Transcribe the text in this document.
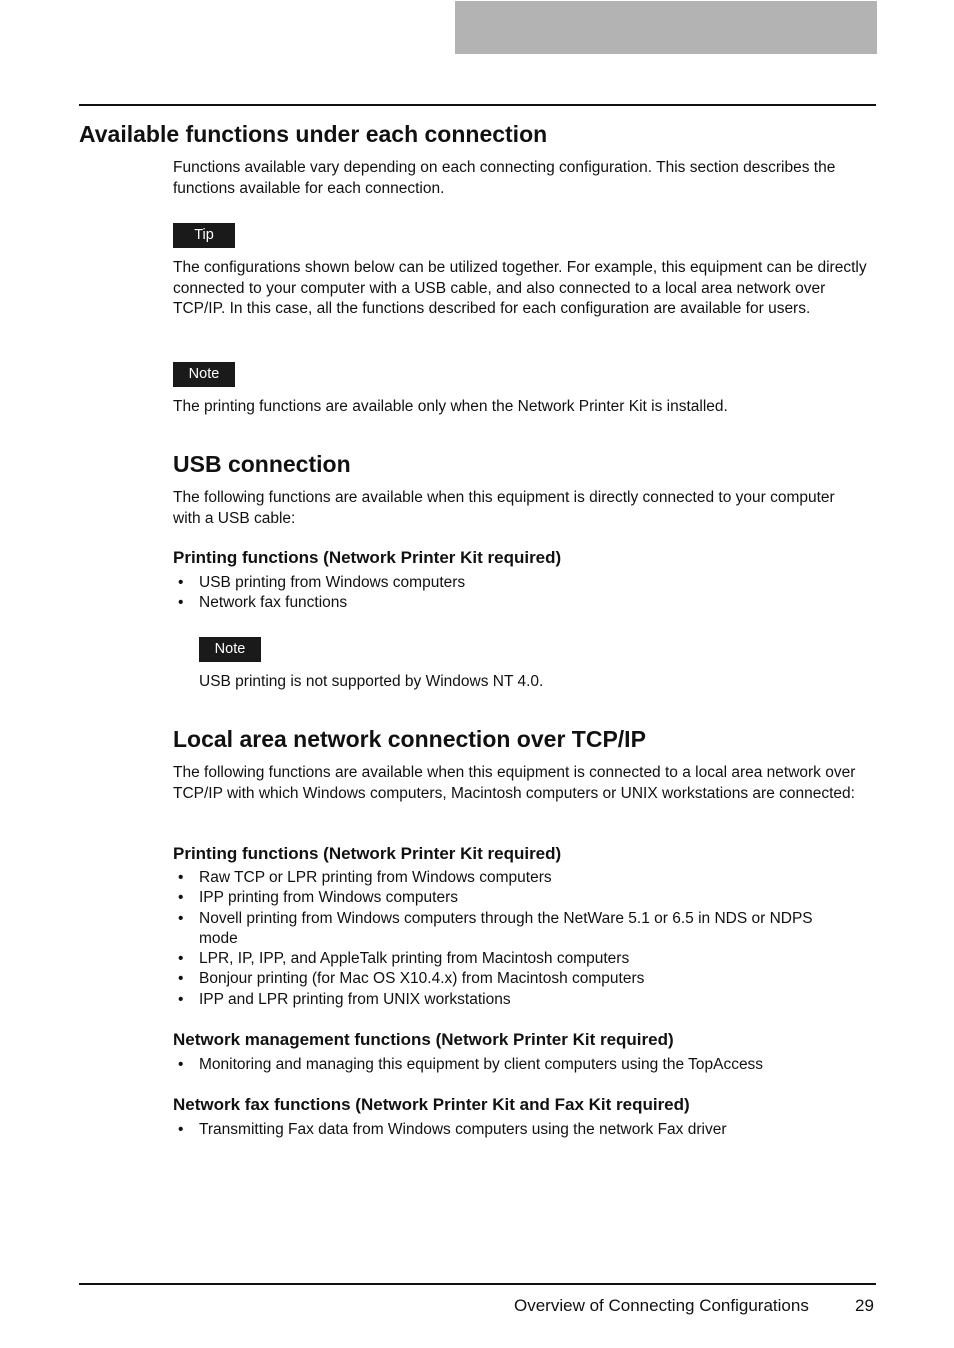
Available functions under each connection
Functions available vary depending on each connecting configuration. This section describes the functions available for each connection.
Tip
The configurations shown below can be utilized together. For example, this equipment can be directly connected to your computer with a USB cable, and also connected to a local area network over TCP/IP. In this case, all the functions described for each configuration are available for users.
Note
The printing functions are available only when the Network Printer Kit is installed.
USB connection
The following functions are available when this equipment is directly connected to your computer with a USB cable:
Printing functions (Network Printer Kit required)
• USB printing from Windows computers
• Network fax functions
Note
USB printing is not supported by Windows NT 4.0.
Local area network connection over TCP/IP
The following functions are available when this equipment is connected to a local area network over TCP/IP with which Windows computers, Macintosh computers or UNIX workstations are connected:
Printing functions (Network Printer Kit required)
• Raw TCP or LPR printing from Windows computers
• IPP printing from Windows computers
• Novell printing from Windows computers through the NetWare 5.1 or 6.5 in NDS or NDPS mode
• LPR, IP, IPP, and AppleTalk printing from Macintosh computers
• Bonjour printing (for Mac OS X10.4.x) from Macintosh computers
• IPP and LPR printing from UNIX workstations
Network management functions (Network Printer Kit required)
• Monitoring and managing this equipment by client computers using the TopAccess
Network fax functions (Network Printer Kit and Fax Kit required)
• Transmitting Fax data from Windows computers using the network Fax driver
Overview of Connecting Configurations	29
